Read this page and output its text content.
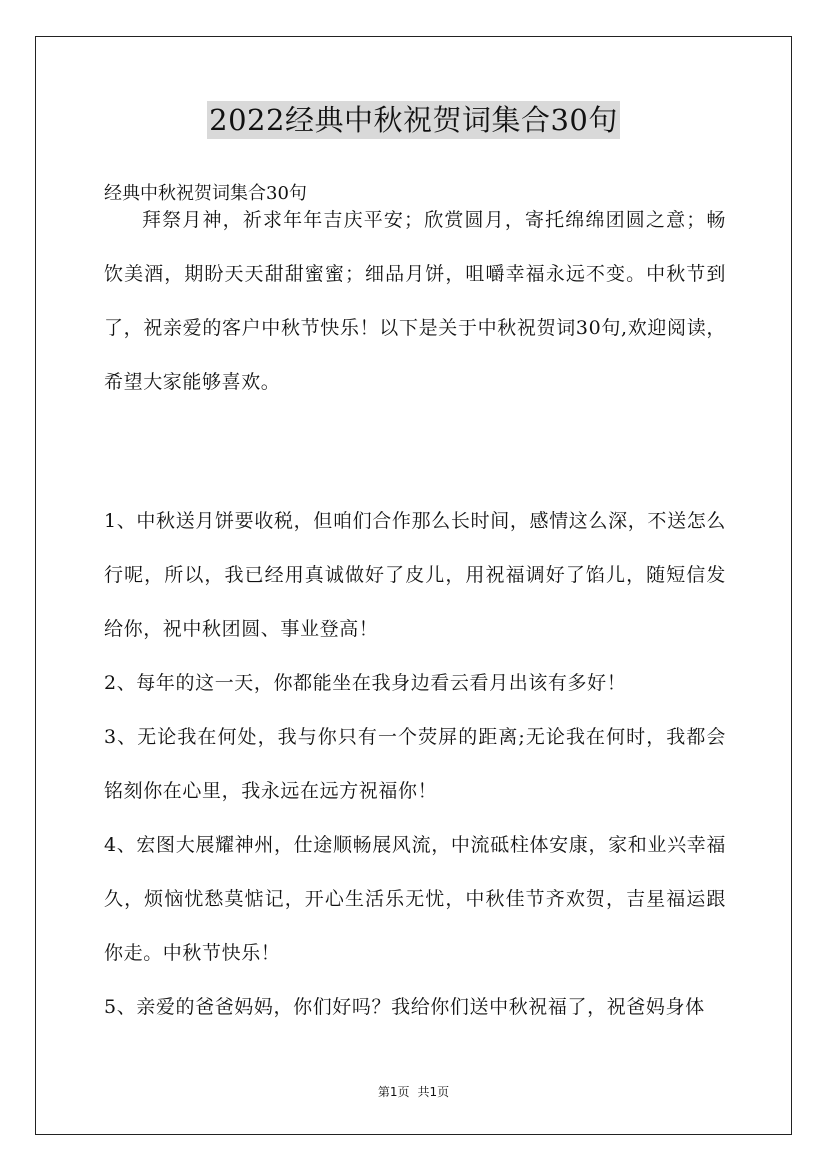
2022经典中秋祝贺词集合30句
经典中秋祝贺词集合30句

拜祭月神，祈求年年吉庆平安；欣赏圆月，寄托绵绵团圆之意；畅饮美酒，期盼天天甜甜蜜蜜；细品月饼，咀嚼幸福永远不变。中秋节到了，祝亲爱的客户中秋节快乐！以下是关于中秋祝贺词30句,欢迎阅读，希望大家能够喜欢。

1、中秋送月饼要收税，但咱们合作那么长时间，感情这么深，不送怎么行呢，所以，我已经用真诚做好了皮儿，用祝福调好了馅儿，随短信发给你，祝中秋团圆、事业登高！

2、每年的这一天，你都能坐在我身边看云看月出该有多好！

3、无论我在何处，我与你只有一个荧屏的距离;无论我在何时，我都会铭刻你在心里，我永远在远方祝福你！

4、宏图大展耀神州，仕途顺畅展风流，中流砥柱体安康，家和业兴幸福久，烦恼忧愁莫惦记，开心生活乐无忧，中秋佳节齐欢贺，吉星福运跟你走。中秋节快乐！

5、亲爱的爸爸妈妈，你们好吗？我给你们送中秋祝福了，祝爸妈身体

第1页 共1页
